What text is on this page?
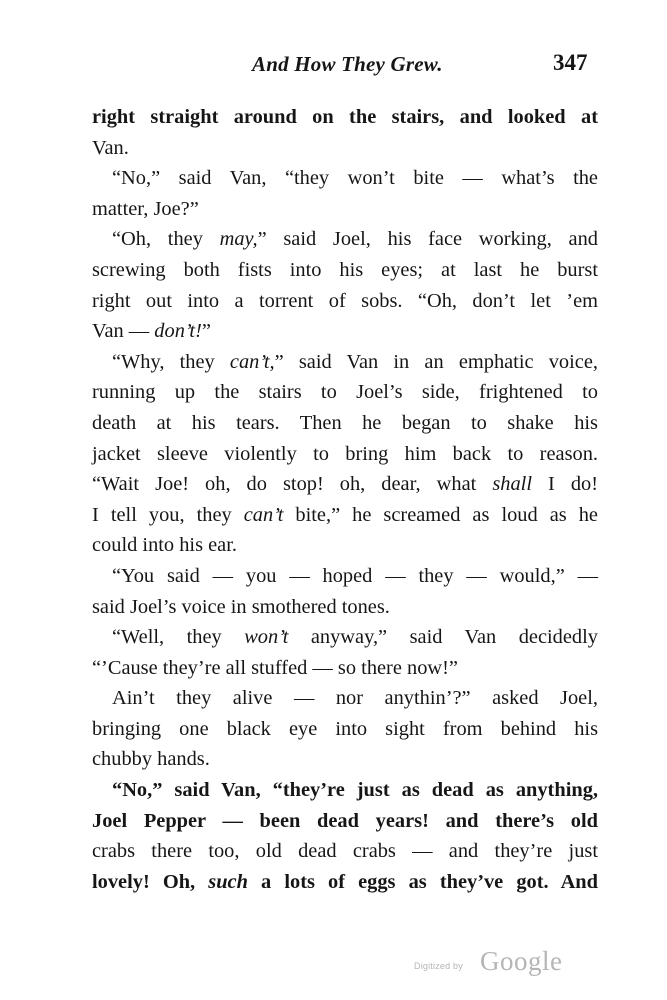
And How They Grew.	347
right straight around on the stairs, and looked at
Van.
“No,” said Van, “they won’t bite — what’s the
matter, Joe?”
“Oh, they may,” said Joel, his face working, and
screwing both fists into his eyes; at last he burst
right out into a torrent of sobs. “Oh, don’t let ’em
Van — don’t!”
“Why, they can’t,” said Van in an emphatic voice,
running up the stairs to Joel’s side, frightened to
death at his tears. Then he began to shake his
jacket sleeve violently to bring him back to reason.
“Wait Joe! oh, do stop! oh, dear, what shall I do!
I tell you, they can’t bite,” he screamed as loud as he
could into his ear.
“You said — you — hoped — they — would,” —
said Joel’s voice in smothered tones.
“Well, they won’t anyway,” said Van decidedly
“’Cause they’re all stuffed — so there now!”
Ain’t they alive — nor anythin’?” asked Joel,
bringing one black eye into sight from behind his
chubby hands.
“No,” said Van, “they’re just as dead as anything,
Joel Pepper — been dead years! and there’s old
crabs there too, old dead crabs — and they’re just
lovely! Oh, such a lots of eggs as they’ve got. And
Digitized by Google
